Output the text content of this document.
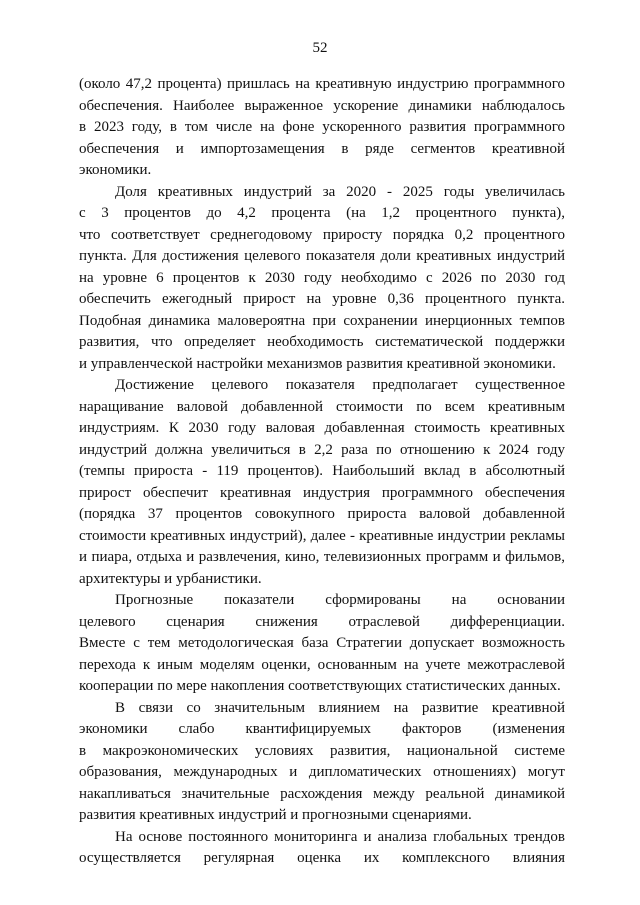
52
(около 47,2 процента) пришлась на креативную индустрию программного
обеспечения. Наиболее выраженное ускорение динамики наблюдалось
в 2023 году, в том числе на фоне ускоренного развития программного
обеспечения и импортозамещения в ряде сегментов креативной
экономики.
Доля креативных индустрий за 2020 - 2025 годы увеличилась
с 3 процентов до 4,2 процента (на 1,2 процентного пункта),
что соответствует среднегодовому приросту порядка 0,2 процентного
пункта. Для достижения целевого показателя доли креативных индустрий
на уровне 6 процентов к 2030 году необходимо с 2026 по 2030 год
обеспечить ежегодный прирост на уровне 0,36 процентного пункта.
Подобная динамика маловероятна при сохранении инерционных темпов
развития, что определяет необходимость систематической поддержки
и управленческой настройки механизмов развития креативной экономики.
Достижение целевого показателя предполагает существенное
наращивание валовой добавленной стоимости по всем креативным
индустриям. К 2030 году валовая добавленная стоимость креативных
индустрий должна увеличиться в 2,2 раза по отношению к 2024 году
(темпы прироста - 119 процентов). Наибольший вклад в абсолютный
прирост обеспечит креативная индустрия программного обеспечения
(порядка 37 процентов совокупного прироста валовой добавленной
стоимости креативных индустрий), далее - креативные индустрии рекламы
и пиара, отдыха и развлечения, кино, телевизионных программ и фильмов,
архитектуры и урбанистики.
Прогнозные показатели сформированы на основании
целевого сценария снижения отраслевой дифференциации.
Вместе с тем методологическая база Стратегии допускает возможность
перехода к иным моделям оценки, основанным на учете межотраслевой
кооперации по мере накопления соответствующих статистических данных.
В связи со значительным влиянием на развитие креативной
экономики слабо квантифицируемых факторов (изменения
в макроэкономических условиях развития, национальной системе
образования, международных и дипломатических отношениях) могут
накапливаться значительные расхождения между реальной динамикой
развития креативных индустрий и прогнозными сценариями.
На основе постоянного мониторинга и анализа глобальных трендов
осуществляется регулярная оценка их комплексного влияния
